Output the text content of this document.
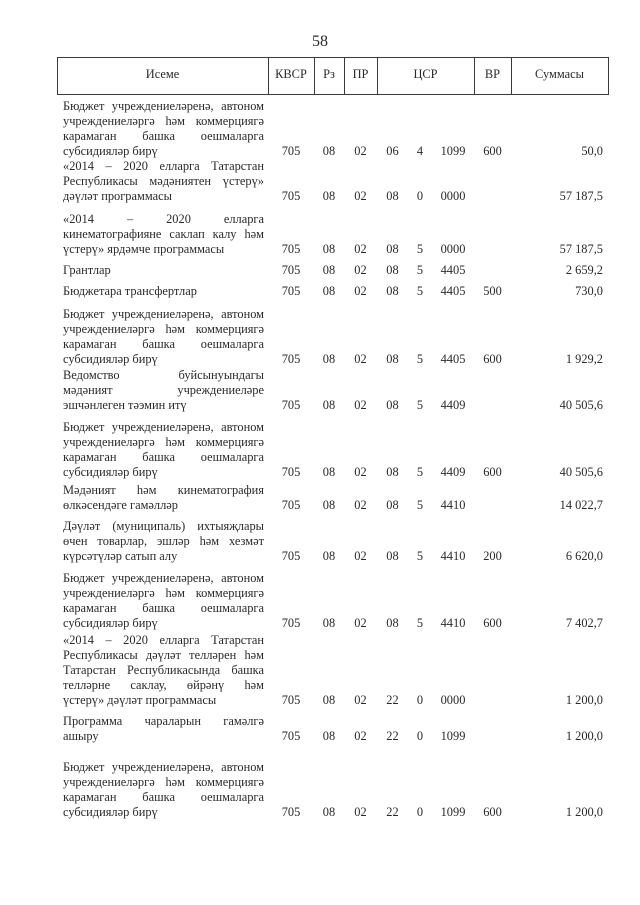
58
Исеме	КВСР	Рз	ПР	ЦСР	ВР	Суммасы
Бюджет учреждениеләренә, автоном
учреждениеләргә һәм коммерциягә
карамаган башка оешмаларга
субсидияләр бирү	705	08	02	06	4	1099	600	50,0
«2014 – 2020 елларга Татарстан
Республикасы мәдәниятен үстерү»
дәүләт программасы	705	08	02	08	0	0000	57 187,5
«2014 – 2020 елларга
кинематографияне саклап калу һәм
үстерү» ярдәмче программасы	705	08	02	08	5	0000	57 187,5
Грантлар	705	08	02	08	5	4405	2 659,2
Бюджетара трансфертлар	705	08	02	08	5	4405	500	730,0
Бюджет учреждениеләренә, автоном
учреждениеләргә һәм коммерциягә
карамаган башка оешмаларга
субсидияләр бирү	705	08	02	08	5	4405	600	1 929,2
Ведомство буйсынуындагы
мәдәният учреждениеләре
эшчәнлеген тәэмин итү	705	08	02	08	5	4409	40 505,6
Бюджет учреждениеләренә, автоном
учреждениеләргә һәм коммерциягә
карамаган башка оешмаларга
субсидияләр бирү	705	08	02	08	5	4409	600	40 505,6
Мәдәният һәм кинематография
өлкәсендәге гамәлләр	705	08	02	08	5	4410	14 022,7
Дәүләт (муниципаль) ихтыяҗлары
өчен товарлар, эшләр һәм хезмәт
күрсәтүләр сатып алу	705	08	02	08	5	4410	200	6 620,0
Бюджет учреждениеләренә, автоном
учреждениеләргә һәм коммерциягә
карамаган башка оешмаларга
субсидияләр бирү	705	08	02	08	5	4410	600	7 402,7
«2014 – 2020 елларга Татарстан
Республикасы дәүләт телләрен һәм
Татарстан Республикасында башка
телләрне саклау, өйрәнү һәм
үстерү» дәүләт программасы	705	08	02	22	0	0000	1 200,0
Программа чараларын гамәлгә
ашыру	705	08	02	22	0	1099	1 200,0
Бюджет учреждениеләренә, автоном
учреждениеләргә һәм коммерциягә
карамаган башка оешмаларга
субсидияләр бирү	705	08	02	22	0	1099	600	1 200,0
